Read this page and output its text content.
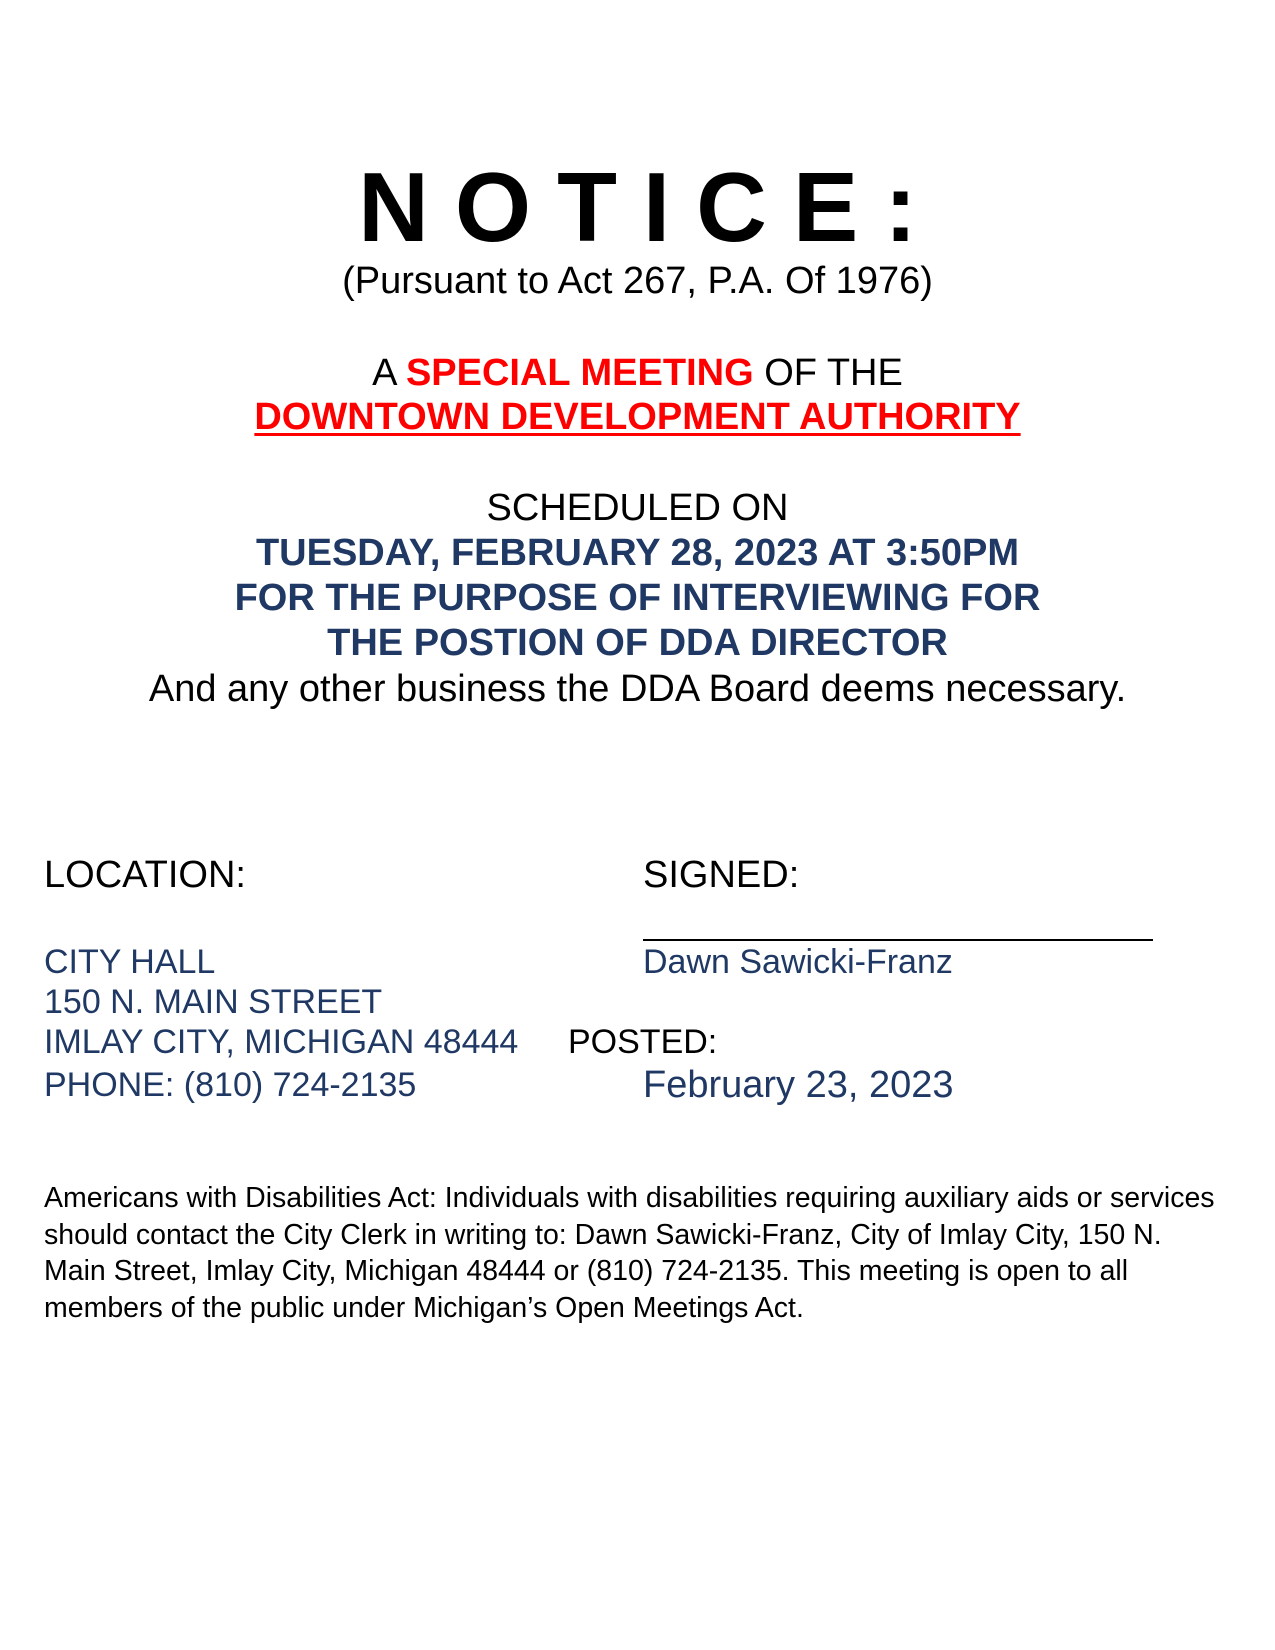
NOTICE:
(Pursuant to Act 267, P.A. Of 1976)
A SPECIAL MEETING OF THE
DOWNTOWN DEVELOPMENT AUTHORITY
SCHEDULED ON
TUESDAY, FEBRUARY 28, 2023 AT 3:50PM
FOR THE PURPOSE OF INTERVIEWING FOR
THE POSTION OF DDA DIRECTOR
And any other business the DDA Board deems necessary.
LOCATION:	SIGNED:
CITY HALL
150 N. MAIN STREET
IMLAY CITY, MICHIGAN 48444
PHONE: (810) 724-2135
Dawn Sawicki-Franz
POSTED:
February 23, 2023
Americans with Disabilities Act: Individuals with disabilities requiring auxiliary aids or services should contact the City Clerk in writing to: Dawn Sawicki-Franz, City of Imlay City, 150 N. Main Street, Imlay City, Michigan 48444 or (810) 724-2135. This meeting is open to all members of the public under Michigan’s Open Meetings Act.
